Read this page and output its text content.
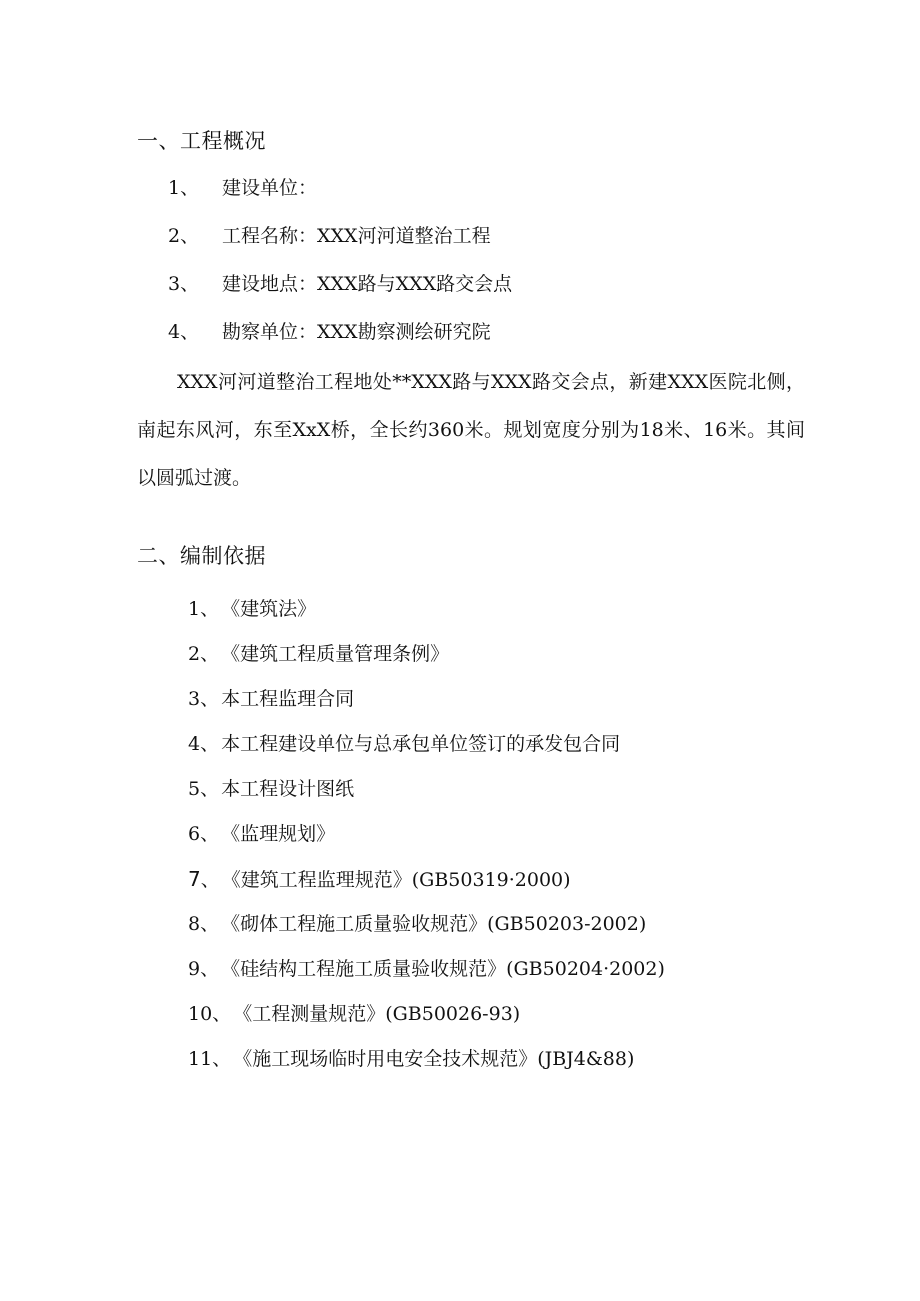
一、工程概况
1、 建设单位：
2、 工程名称：XXX河河道整治工程
3、 建设地点：XXX路与XXX路交会点
4、 勘察单位：XXX勘察测绘研究院

XXX河河道整治工程地处**XXX路与XXX路交会点，新建XXX医院北侧，南起东风河，东至XxX桥，全长约360米。规划宽度分别为18米、16米。其间以圆弧过渡。

二、编制依据
1、 《建筑法》
2、 《建筑工程质量管理条例》
3、 本工程监理合同
4、 本工程建设单位与总承包单位签订的承发包合同
5、 本工程设计图纸
6、 《监理规划》
7、 《建筑工程监理规范》(GB50319·2000)
8、 《砌体工程施工质量验收规范》(GB50203-2002)
9、 《硅结构工程施工质量验收规范》(GB50204·2002)
10、 《工程测量规范》(GB50026-93)
11、 《施工现场临时用电安全技术规范》(JBJ4&88)
